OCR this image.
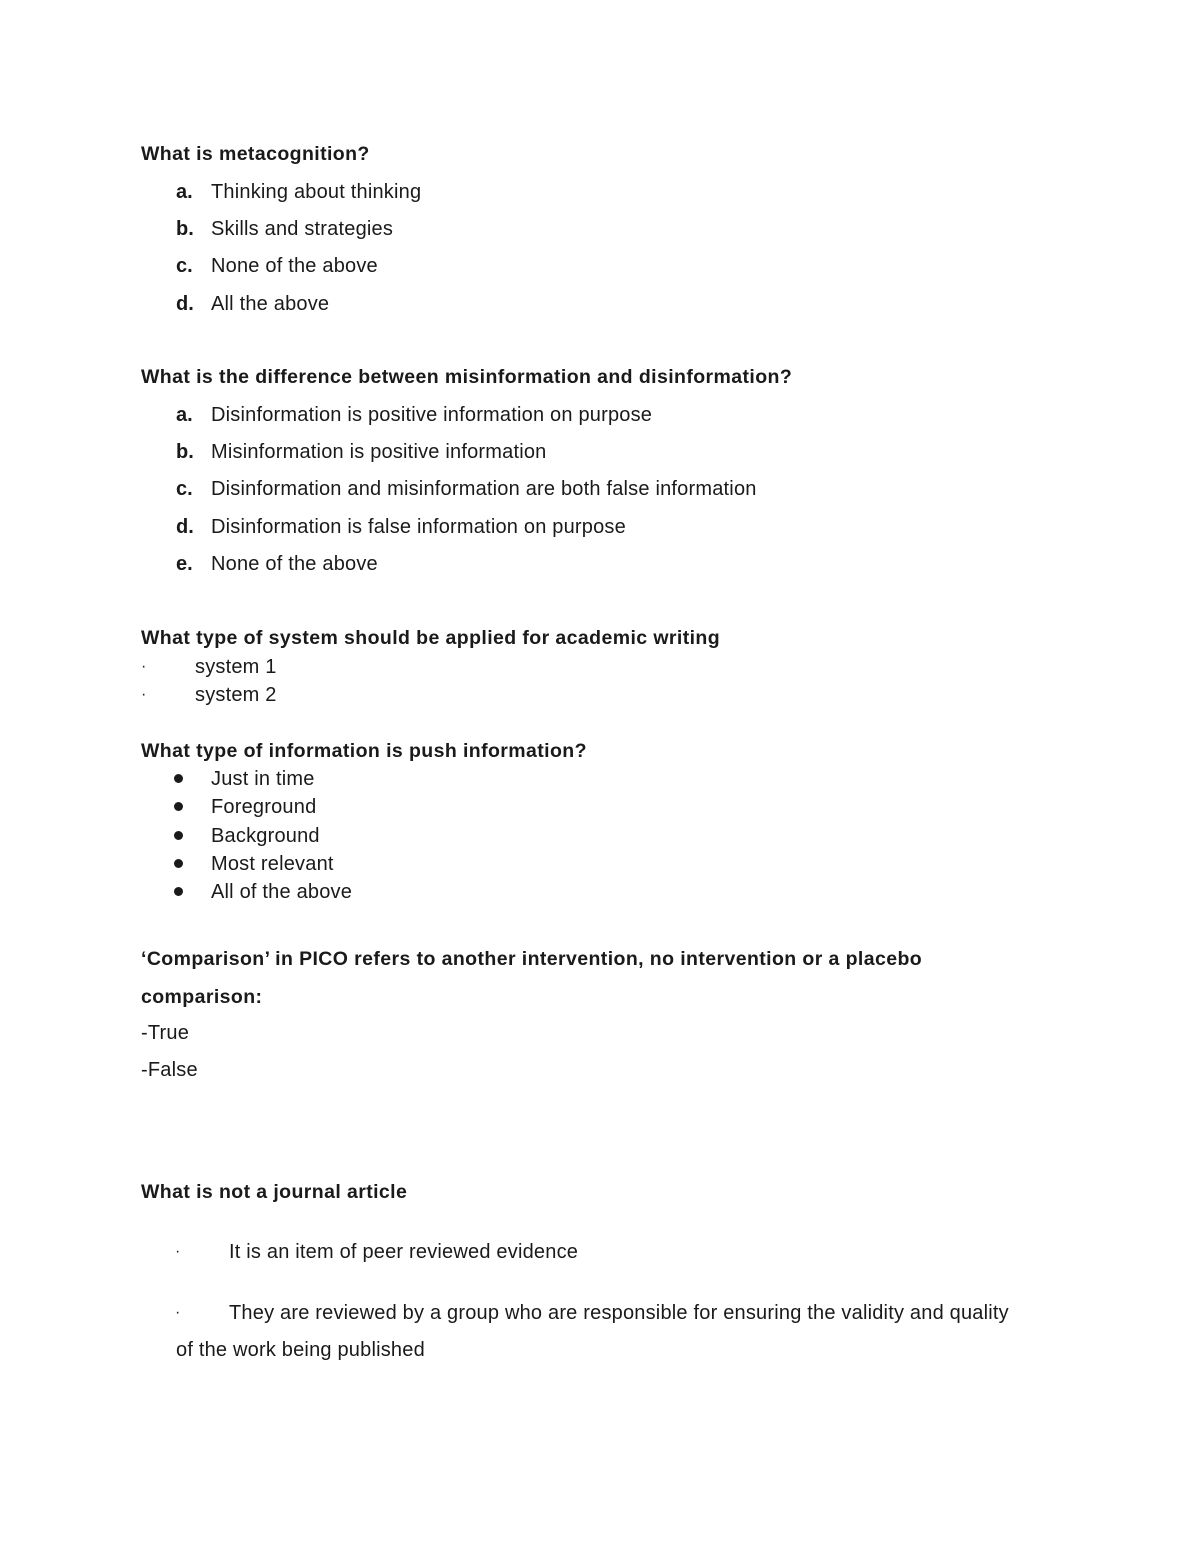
What is metacognition?
a. Thinking about thinking
b. Skills and strategies
c. None of the above
d. All the above
What is the difference between misinformation and disinformation?
a. Disinformation is positive information on purpose
b. Misinformation is positive information
c. Disinformation and misinformation are both false information
d. Disinformation is false information on purpose
e. None of the above
What type of system should be applied for academic writing
· system 1
· system 2
What type of information is push information?
Just in time
Foreground
Background
Most relevant
All of the above
‘Comparison’ in PICO refers to another intervention, no intervention or a placebo
comparison:
-True
-False
What is not a journal article
· It is an item of peer reviewed evidence
· They are reviewed by a group who are responsible for ensuring the validity and quality
of the work being published
